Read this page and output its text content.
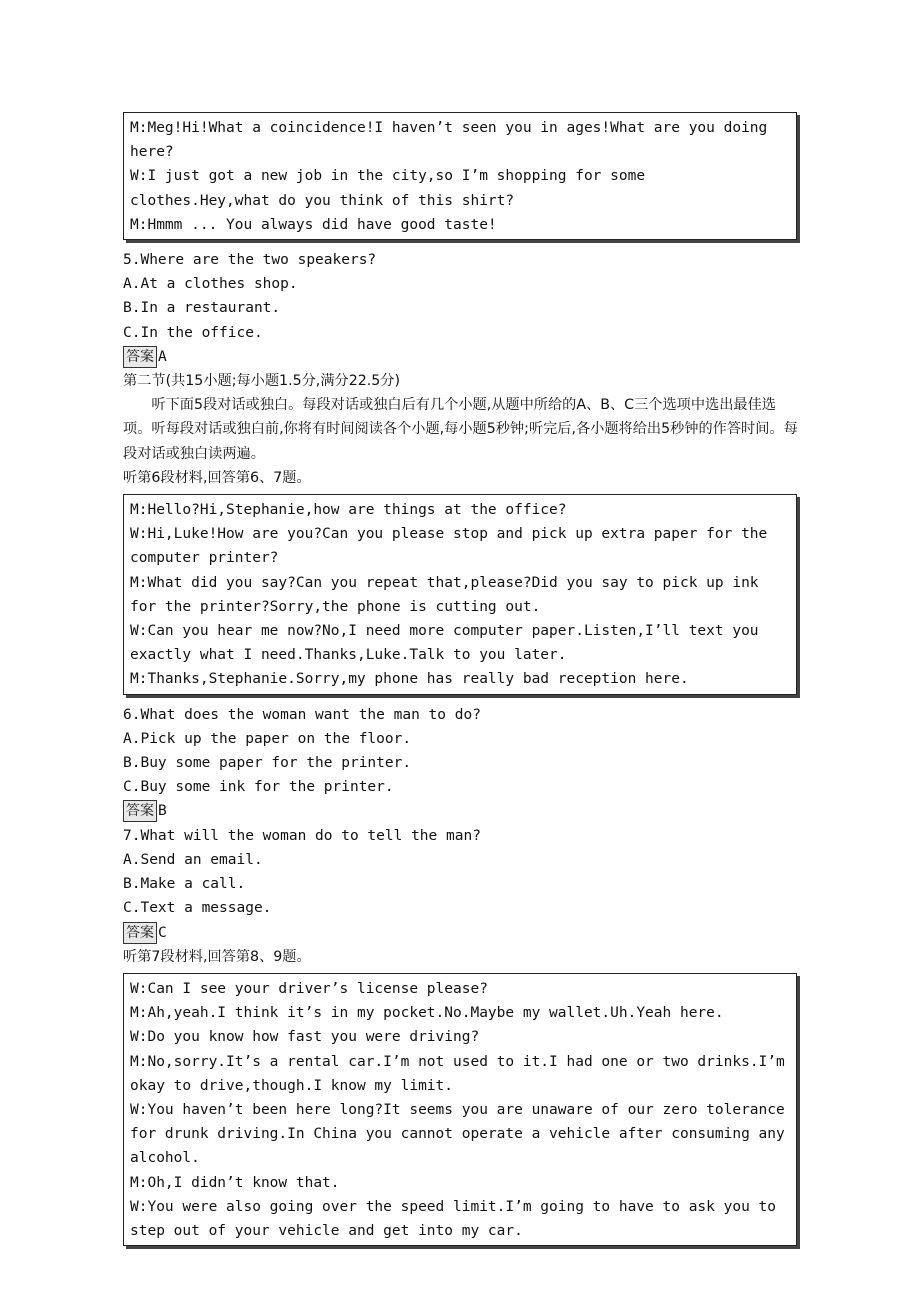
M:Meg!Hi!What a coincidence!I haven’t seen you in ages!What are you doing here?

W:I just got a new job in the city,so I’m shopping for some clothes.Hey,what do you think of this shirt?

M:Hmmm ... You always did have good taste!

5.Where are the two speakers?

A.At a clothes shop.

B.In a restaurant.

C.In the office.

答案 A

第二节(共15小题;每小题1.5分,满分22.5分)

听下面5段对话或独白。每段对话或独白后有几个小题,从题中所给的A、B、C三个选项中选出最佳选项。听每段对话或独白前,你将有时间阅读各个小题,每小题5秒钟;听完后,各小题将给出5秒钟的作答时间。每段对话或独白读两遍。

听第6段材料,回答第6、7题。

M:Hello?Hi,Stephanie,how are things at the office?

W:Hi,Luke!How are you?Can you please stop and pick up extra paper for the computer printer?

M:What did you say?Can you repeat that,please?Did you say to pick up ink for the printer?Sorry,the phone is cutting out.

W:Can you hear me now?No,I need more computer paper.Listen,I’ll text you exactly what I need.Thanks,Luke.Talk to you later.

M:Thanks,Stephanie.Sorry,my phone has really bad reception here.

6.What does the woman want the man to do?

A.Pick up the paper on the floor.

B.Buy some paper for the printer.

C.Buy some ink for the printer.

答案 B

7.What will the woman do to tell the man?

A.Send an email.

B.Make a call.

C.Text a message.

答案 C

听第7段材料,回答第8、9题。

W:Can I see your driver’s license please?

M:Ah,yeah.I think it’s in my pocket.No.Maybe my wallet.Uh.Yeah here.

W:Do you know how fast you were driving?

M:No,sorry.It’s a rental car.I’m not used to it.I had one or two drinks.I’m okay to drive,though.I know my limit.

W:You haven’t been here long?It seems you are unaware of our zero tolerance for drunk driving.In China you cannot operate a vehicle after consuming any alcohol.

M:Oh,I didn’t know that.

W:You were also going over the speed limit.I’m going to have to ask you to step out of your vehicle and get into my car.
